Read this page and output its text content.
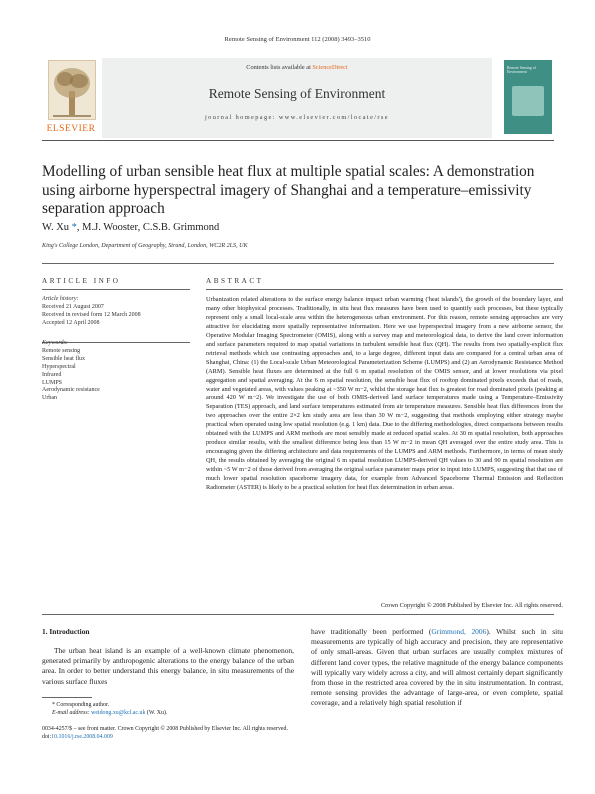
Remote Sensing of Environment 112 (2008) 3493–3510
ELSEVIER
Contents lists available at ScienceDirect
Remote Sensing of Environment
journal homepage: www.elsevier.com/locate/rse
Remote Sensing of Environment
Modelling of urban sensible heat flux at multiple spatial scales: A demonstration using airborne hyperspectral imagery of Shanghai and a temperature–emissivity separation approach
W. Xu *, M.J. Wooster, C.S.B. Grimmond
King's College London, Department of Geography, Strand, London, WC2R 2LS, UK
ARTICLE INFO
Article history:
Received 21 August 2007
Received in revised form 12 March 2008
Accepted 12 April 2008
Keywords:
Remote sensing
Sensible heat flux
Hyperspectral
Infrared
LUMPS
Aerodynamic resistance
Urban
ABSTRACT
Urbanization related alterations to the surface energy balance impact urban warming ('heat islands'), the growth of the boundary layer, and many other biophysical processes. Traditionally, in situ heat flux measures have been used to quantify such processes, but these typically represent only a small local-scale area within the heterogeneous urban environment. For this reason, remote sensing approaches are very attractive for elucidating more spatially representative information. Here we use hyperspectral imagery from a new airborne sensor, the Operative Modular Imaging Spectrometer (OMIS), along with a survey map and meteorological data, to derive the land cover information and surface parameters required to map spatial variations in turbulent sensible heat flux (QH). The results from two spatially-explicit flux retrieval methods which use contrasting approaches and, to a large degree, different input data are compared for a central urban area of Shanghai, China: (1) the Local-scale Urban Meteorological Parameterization Scheme (LUMPS) and (2) an Aerodynamic Resistance Method (ARM). Sensible heat fluxes are determined at the full 6 m spatial resolution of the OMIS sensor, and at lower resolutions via pixel aggregation and spatial averaging. At the 6 m spatial resolution, the sensible heat flux of rooftop dominated pixels exceeds that of roads, water and vegetated areas, with values peaking at ~350 W m−2, whilst the storage heat flux is greatest for road dominated pixels (peaking at around 420 W m−2). We investigate the use of both OMIS-derived land surface temperatures made using a Temperature–Emissivity Separation (TES) approach, and land surface temperatures estimated from air temperature measures. Sensible heat flux differences from the two approaches over the entire 2×2 km study area are less than 30 W m−2, suggesting that methods employing either strategy maybe practical when operated using low spatial resolution (e.g. 1 km) data. Due to the differing methodologies, direct comparisons between results obtained with the LUMPS and ARM methods are most sensibly made at reduced spatial scales. At 30 m spatial resolution, both approaches produce similar results, with the smallest difference being less than 15 W m−2 in mean QH averaged over the entire study area. This is encouraging given the differing architecture and data requirements of the LUMPS and ARM methods. Furthermore, in terms of mean study QH, the results obtained by averaging the original 6 m spatial resolution LUMPS-derived QH values to 30 and 90 m spatial resolution are within ~5 W m−2 of those derived from averaging the original surface parameter maps prior to input into LUMPS, suggesting that that use of much lower spatial resolution spaceborne imagery data, for example from Advanced Spaceborne Thermal Emission and Reflection Radiometer (ASTER) is likely to be a practical solution for heat flux determination in urban areas.
Crown Copyright © 2008 Published by Elsevier Inc. All rights reserved.
1. Introduction
The urban heat island is an example of a well-known climate phenomenon, generated primarily by anthropogenic alterations to the energy balance of the urban area. In order to better understand this energy balance, in situ measurements of the various surface fluxes
have traditionally been performed (Grimmond, 2006). Whilst such in situ measurements are typically of high accuracy and precision, they are representative of only small-areas. Given that urban surfaces are usually complex mixtures of different land cover types, the relative magnitude of the energy balance components will typically vary widely across a city, and will almost certainly depart significantly from those in the restricted area covered by the in situ instrumentation. In contrast, remote sensing provides the advantage of large-area, or even complete, spatial coverage, and a relatively high spatial resolution if
* Corresponding author.
E-mail address: weidong.xu@kcl.ac.uk (W. Xu).
0034-4257/$ – see front matter. Crown Copyright © 2008 Published by Elsevier Inc. All rights reserved.
doi:10.1016/j.rse.2008.04.009
